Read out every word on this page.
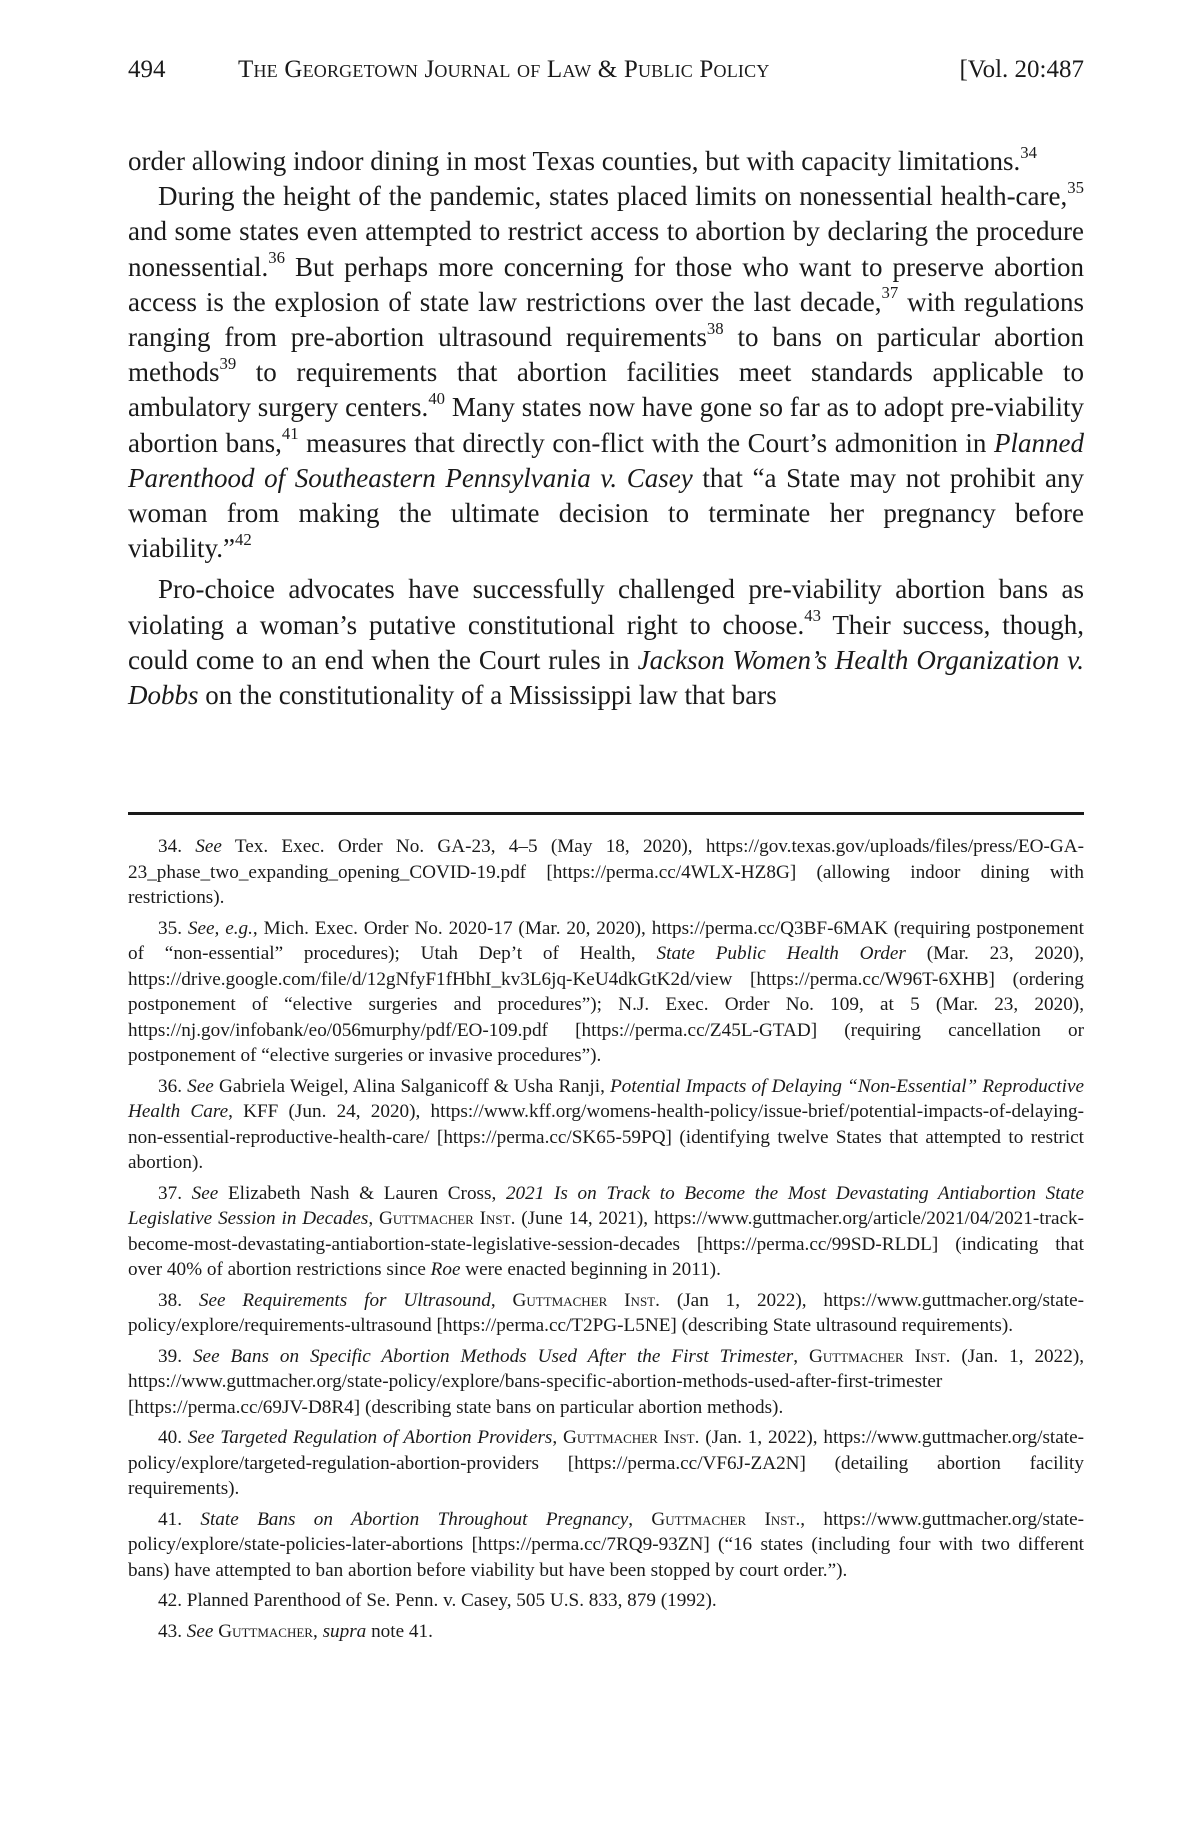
494	The Georgetown Journal of Law & Public Policy	[Vol. 20:487

order allowing indoor dining in most Texas counties, but with capacity limitations.$^{34}$

During the height of the pandemic, states placed limits on nonessential health-care,$^{35}$ and some states even attempted to restrict access to abortion by declaring the procedure nonessential.$^{36}$ But perhaps more concerning for those who want to preserve abortion access is the explosion of state law restrictions over the last decade,$^{37}$ with regulations ranging from pre-abortion ultrasound requirements$^{38}$ to bans on particular abortion methods$^{39}$ to requirements that abortion facilities meet standards applicable to ambulatory surgery centers.$^{40}$ Many states now have gone so far as to adopt pre-viability abortion bans,$^{41}$ measures that directly con-flict with the Court’s admonition in Planned Parenthood of Southeastern Pennsylvania v. Casey that “a State may not prohibit any woman from making the ultimate decision to terminate her pregnancy before viability.”$^{42}$

Pro-choice advocates have successfully challenged pre-viability abortion bans as violating a woman’s putative constitutional right to choose.$^{43}$ Their success, though, could come to an end when the Court rules in Jackson Women’s Health Organization v. Dobbs on the constitutionality of a Mississippi law that bars

34. See Tex. Exec. Order No. GA-23, 4–5 (May 18, 2020), https://gov.texas.gov/uploads/files/press/EO-GA-23_phase_two_expanding_opening_COVID-19.pdf [https://perma.cc/4WLX-HZ8G] (allowing indoor dining with restrictions).

35. See, e.g., Mich. Exec. Order No. 2020-17 (Mar. 20, 2020), https://perma.cc/Q3BF-6MAK (requiring postponement of “non-essential” procedures); Utah Dep’t of Health, State Public Health Order (Mar. 23, 2020), https://drive.google.com/file/d/12gNfyF1fHbhI_kv3L6jq-KeU4dkGtK2d/view [https://perma.cc/W96T-6XHB] (ordering postponement of “elective surgeries and procedures”); N.J. Exec. Order No. 109, at 5 (Mar. 23, 2020), https://nj.gov/infobank/eo/056murphy/pdf/EO-109.pdf [https://perma.cc/Z45L-GTAD] (requiring cancellation or postponement of “elective surgeries or invasive procedures”).

36. See Gabriela Weigel, Alina Salganicoff & Usha Ranji, Potential Impacts of Delaying “Non-Essential” Reproductive Health Care, KFF (Jun. 24, 2020), https://www.kff.org/womens-health-policy/issue-brief/potential-impacts-of-delaying-non-essential-reproductive-health-care/ [https://perma.cc/SK65-59PQ] (identifying twelve States that attempted to restrict abortion).

37. See Elizabeth Nash & Lauren Cross, 2021 Is on Track to Become the Most Devastating Antiabortion State Legislative Session in Decades, Guttmacher Inst. (June 14, 2021), https://www.guttmacher.org/article/2021/04/2021-track-become-most-devastating-antiabortion-state-legislative-session-decades [https://perma.cc/99SD-RLDL] (indicating that over 40% of abortion restrictions since Roe were enacted beginning in 2011).

38. See Requirements for Ultrasound, Guttmacher Inst. (Jan 1, 2022), https://www.guttmacher.org/state-policy/explore/requirements-ultrasound [https://perma.cc/T2PG-L5NE] (describing State ultrasound requirements).

39. See Bans on Specific Abortion Methods Used After the First Trimester, Guttmacher Inst. (Jan. 1, 2022), https://www.guttmacher.org/state-policy/explore/bans-specific-abortion-methods-used-after-first-trimester [https://perma.cc/69JV-D8R4] (describing state bans on particular abortion methods).

40. See Targeted Regulation of Abortion Providers, Guttmacher Inst. (Jan. 1, 2022), https://www.guttmacher.org/state-policy/explore/targeted-regulation-abortion-providers [https://perma.cc/VF6J-ZA2N] (detailing abortion facility requirements).

41. State Bans on Abortion Throughout Pregnancy, Guttmacher Inst., https://www.guttmacher.org/state-policy/explore/state-policies-later-abortions [https://perma.cc/7RQ9-93ZN] (“16 states (including four with two different bans) have attempted to ban abortion before viability but have been stopped by court order.”).

42. Planned Parenthood of Se. Penn. v. Casey, 505 U.S. 833, 879 (1992).

43. See Guttmacher, supra note 41.
